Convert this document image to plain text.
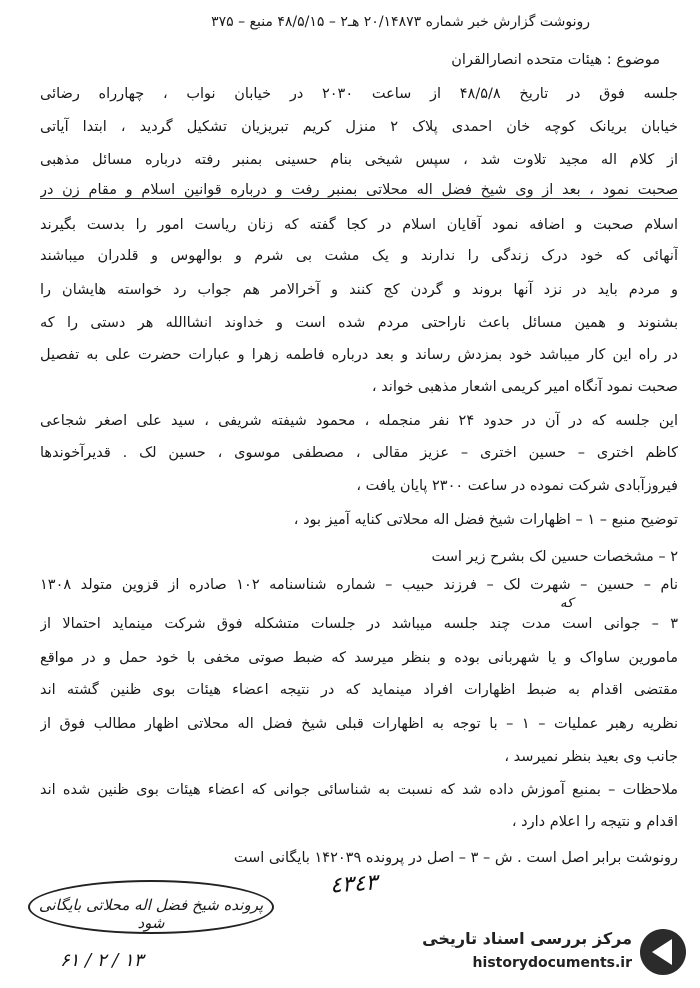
رونوشت گزارش خبر شماره ۲۰/۱۴۸۷۳ هـ۲ – ۴۸/۵/۱۵ منبع – ۳۷۵
موضوع : هیئات متحده انصارالقران
جلسه فوق در تاریخ ۴۸/۵/۸ از ساعت ۲۰۳۰ در خیابان نواب ، چهارراه رضائی
خیابان بریانک کوچه خان احمدی پلاک ۲ منزل کریم تبریزیان تشکیل گردید ، ابتدا آیاتی
از کلام اله مجید تلاوت شد ، سپس شیخی بنام حسینی بمنبر رفته درباره مسائل مذهبی
صحبت نمود ، بعد از وی شیخ فضل اله محلاتی بمنبر رفت و درباره قوانین اسلام و مقام زن در
اسلام صحبت و اضافه نمود آقایان اسلام در کجا گفته که زنان ریاست امور را بدست بگیرند
آنهائی که خود درک زندگی را ندارند و یک مشت بی شرم و بوالهوس و قلدران میباشند
و مردم باید در نزد آنها بروند و گردن کج کنند و آخرالامر هم جواب رد خواسته هایشان را
بشنوند و همین مسائل باعث ناراحتی مردم شده است و خداوند انشاالله هر دستی را که
در راه این کار میباشد خود بمزدش رساند و بعد درباره فاطمه زهرا و عبارات حضرت علی به تفصیل
صحبت نمود آنگاه امیر کریمی اشعار مذهبی خواند ،
این جلسه که در آن در حدود ۲۴ نفر منجمله ، محمود شیفته شریفی ، سید علی اصغر شجاعی
کاظم اختری – حسین اختری – عزیز مقالی ، مصطفی موسوی ، حسین لک . قدیرآخوندها
فیروزآبادی شرکت نموده در ساعت ۲۳۰۰ پایان یافت ،
توضیح منبع – ۱ – اظهارات شیخ فضل اله محلاتی کنایه آمیز بود ،
۲ – مشخصات حسین لک بشرح زیر است
نام – حسین – شهرت لک – فرزند حبیب – شماره شناسنامه ۱۰۲ صادره از قزوین متولد ۱۳۰۸
که
۳ – جوانی است مدت چند جلسه میباشد در جلسات متشکله فوق شرکت مینماید احتمالا از
مامورین ساواک و یا شهربانی بوده و بنظر میرسد که ضبط صوتی مخفی با خود حمل و در مواقع
مقتضی اقدام به ضبط اظهارات افراد مینماید که در نتیجه اعضاء هیئات بوی ظنین گشته اند
نظریه رهبر عملیات – ۱ – با توجه به اظهارات قبلی شیخ فضل اله محلاتی اظهار مطالب فوق از
جانب وی بعید بنظر نمیرسد ،
ملاحظات – بمنبع آموزش داده شد که نسبت به شناسائی جوانی که اعضاء هیئات بوی ظنین شده اند
اقدام و نتیجه را اعلام دارد ،
رونوشت برابر اصل است . ش – ۳ – اصل در پرونده ۱۴۲۰۳۹ بایگانی است
٤٣٤٣
پرونده شیخ فضل اله محلاتی بایگانی شود
۱۳ / ۲ / ۶۱
مرکز بررسی اسناد تاریخی
historydocuments.ir
